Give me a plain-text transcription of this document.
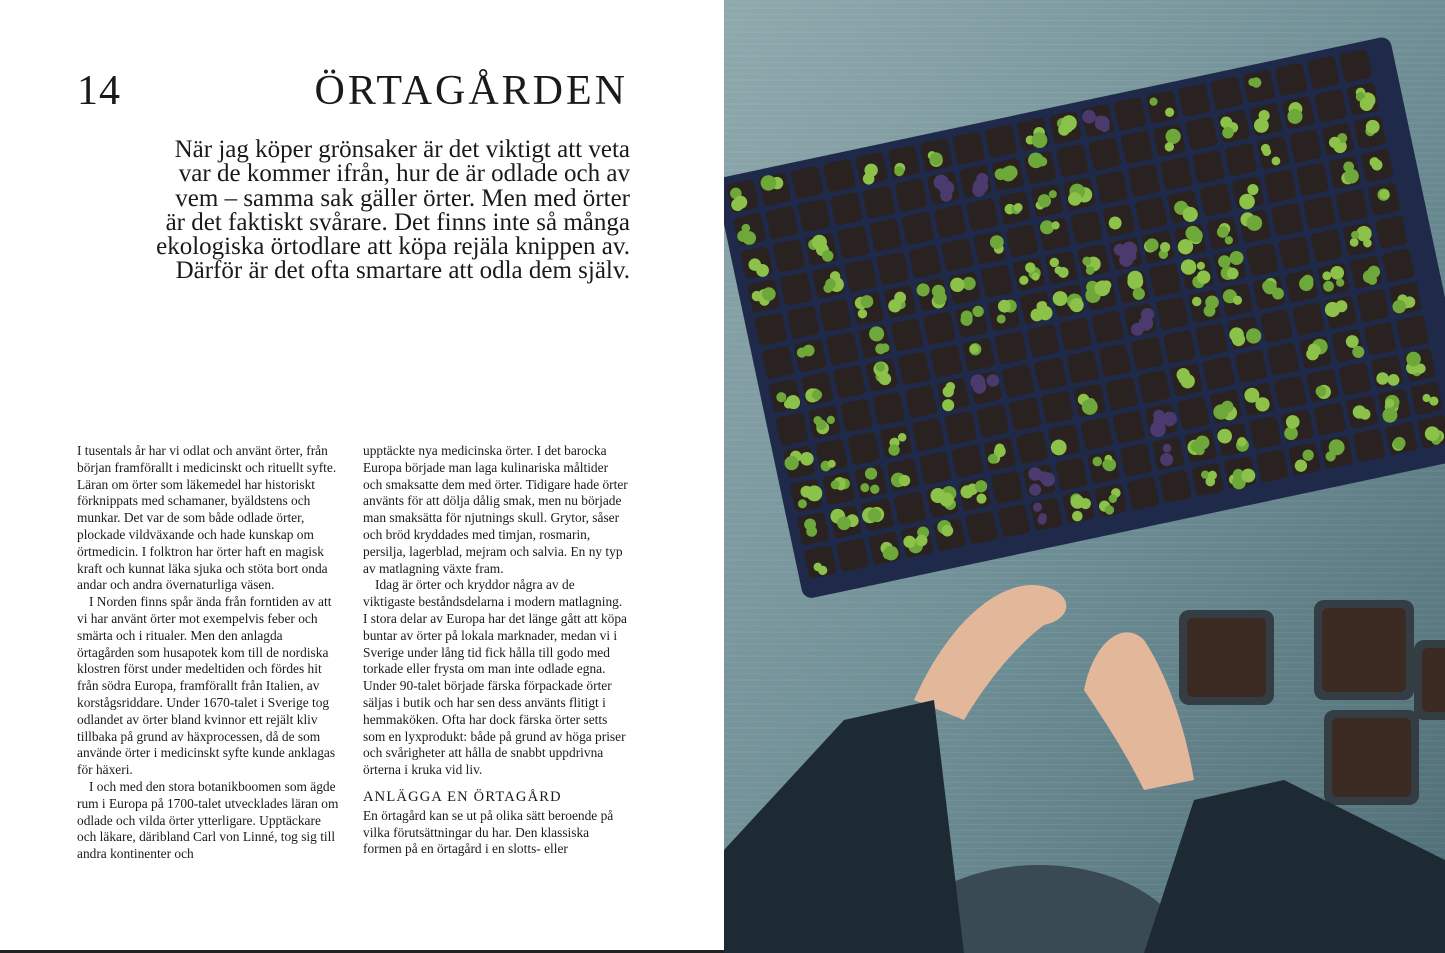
14	ÖRTAGÅRDEN

När jag köper grönsaker är det viktigt att veta var de kommer ifrån, hur de är odlade och av vem – samma sak gäller örter. Men med örter är det faktiskt svårare. Det finns inte så många ekologiska örtodlare att köpa rejäla knippen av. Därför är det ofta smartare att odla dem själv.

I tusentals år har vi odlat och använt örter, från början framförallt i medicinskt och rituellt syfte. Läran om örter som läkemedel har historiskt förknippats med schamaner, byäldstens och munkar. Det var de som både odlade örter, plockade vildväxande och hade kunskap om örtmedicin. I folktron har örter haft en magisk kraft och kunnat läka sjuka och stöta bort onda andar och andra övernaturliga väsen.

I Norden finns spår ända från forntiden av att vi har använt örter mot exempelvis feber och smärta och i ritualer. Men den anlagda örtagården som husapotek kom till de nordiska klostren först under medeltiden och fördes hit från södra Europa, framförallt från Italien, av korstågsriddare. Under 1670-talet i Sverige tog odlandet av örter bland kvinnor ett rejält kliv tillbaka på grund av häxprocessen, då de som använde örter i medicinskt syfte kunde anklagas för häxeri.

I och med den stora botanikboomen som ägde rum i Europa på 1700-talet utvecklades läran om odlade och vilda örter ytterligare. Upptäckare och läkare, däribland Carl von Linné, tog sig till andra kontinenter och

upptäckte nya medicinska örter. I det barocka Europa började man laga kulinariska måltider och smaksatte dem med örter. Tidigare hade örter använts för att dölja dålig smak, men nu började man smaksätta för njutnings skull. Grytor, såser och bröd kryddades med timjan, rosmarin, persilja, lagerblad, mejram och salvia. En ny typ av matlagning växte fram.

Idag är örter och kryddor några av de viktigaste beståndsdelarna i modern matlagning. I stora delar av Europa har det länge gått att köpa buntar av örter på lokala marknader, medan vi i Sverige under lång tid fick hålla till godo med torkade eller frysta om man inte odlade egna. Under 90-talet började färska förpackade örter säljas i butik och har sen dess använts flitigt i hemmaköken. Ofta har dock färska örter setts som en lyxprodukt: både på grund av höga priser och svårigheter att hålla de snabbt uppdrivna örterna i kruka vid liv.

ANLÄGGA EN ÖRTAGÅRD

En örtagård kan se ut på olika sätt beroende på vilka förutsättningar du har. Den klassiska formen på en örtagård i en slotts- eller
